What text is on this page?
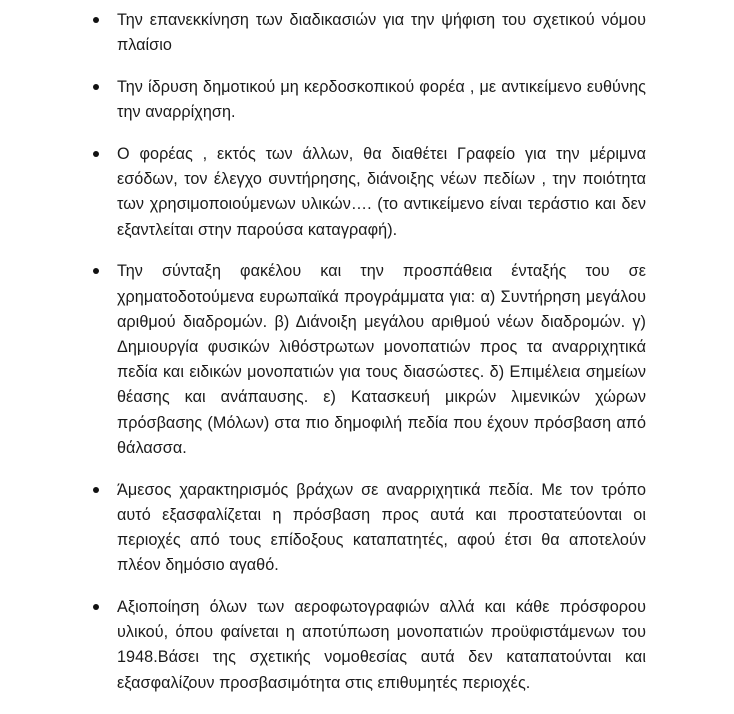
Την επανεκκίνηση των διαδικασιών για την ψήφιση του σχετικού νόμου πλαίσιο
Την ίδρυση δημοτικού μη κερδοσκοπικού φορέα , με αντικείμενο ευθύνης την αναρρίχηση.
Ο φορέας , εκτός των άλλων, θα διαθέτει Γραφείο για την μέριμνα εσόδων, τον έλεγχο συντήρησης, διάνοιξης νέων πεδίων , την ποιότητα των χρησιμοποιούμενων υλικών…. (το αντικείμενο είναι τεράστιο και δεν εξαντλείται στην παρούσα καταγραφή).
Την σύνταξη φακέλου και την προσπάθεια ένταξής του σε χρηματοδοτούμενα ευρωπαϊκά προγράμματα για: α) Συντήρηση μεγάλου αριθμού διαδρομών. β) Διάνοιξη μεγάλου αριθμού νέων διαδρομών. γ) Δημιουργία φυσικών λιθόστρωτων μονοπατιών προς τα αναρριχητικά πεδία και ειδικών μονοπατιών για τους διασώστες. δ) Επιμέλεια σημείων θέασης και ανάπαυσης. ε) Κατασκευή μικρών λιμενικών χώρων πρόσβασης (Μόλων) στα πιο δημοφιλή πεδία που έχουν πρόσβαση από θάλασσα.
Άμεσος χαρακτηρισμός βράχων σε αναρριχητικά πεδία. Με τον τρόπο αυτό εξασφαλίζεται η πρόσβαση προς αυτά και προστατεύονται οι περιοχές από τους επίδοξους καταπατητές, αφού έτσι θα αποτελούν πλέον δημόσιο αγαθό.
Αξιοποίηση όλων των αεροφωτογραφιών αλλά και κάθε πρόσφορου υλικού, όπου φαίνεται η αποτύπωση μονοπατιών προϋφιστάμενων του 1948.Βάσει της σχετικής νομοθεσίας αυτά δεν καταπατούνται και εξασφαλίζουν προσβασιμότητα στις επιθυμητές περιοχές.
